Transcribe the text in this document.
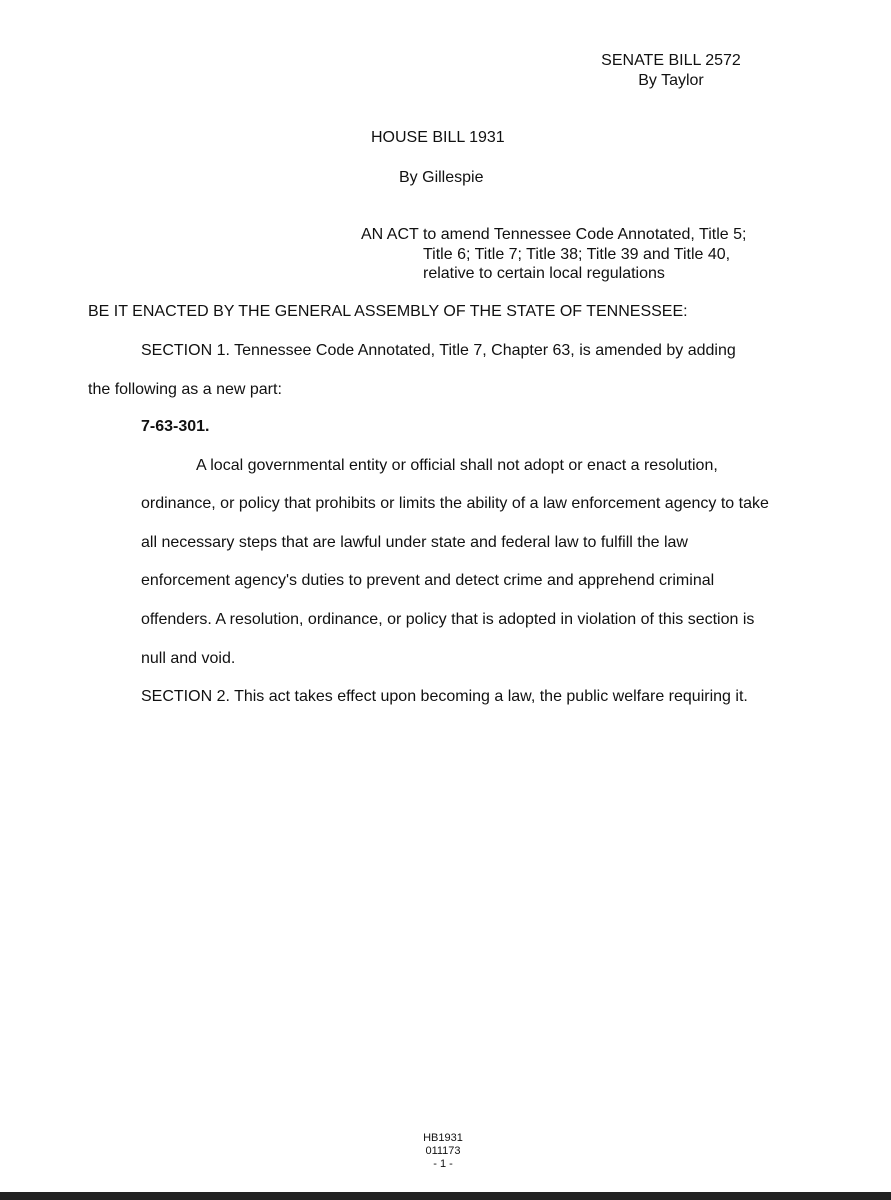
SENATE BILL 2572
By Taylor
HOUSE BILL 1931
By Gillespie
AN ACT to amend Tennessee Code Annotated, Title 5;
Title 6; Title 7; Title 38; Title 39 and Title 40,
relative to certain local regulations
BE IT ENACTED BY THE GENERAL ASSEMBLY OF THE STATE OF TENNESSEE:
SECTION 1. Tennessee Code Annotated, Title 7, Chapter 63, is amended by adding
the following as a new part:
7-63-301.
A local governmental entity or official shall not adopt or enact a resolution,
ordinance, or policy that prohibits or limits the ability of a law enforcement agency to take
all necessary steps that are lawful under state and federal law to fulfill the law
enforcement agency's duties to prevent and detect crime and apprehend criminal
offenders. A resolution, ordinance, or policy that is adopted in violation of this section is
null and void.
SECTION 2. This act takes effect upon becoming a law, the public welfare requiring it.
HB1931
011173
- 1 -
